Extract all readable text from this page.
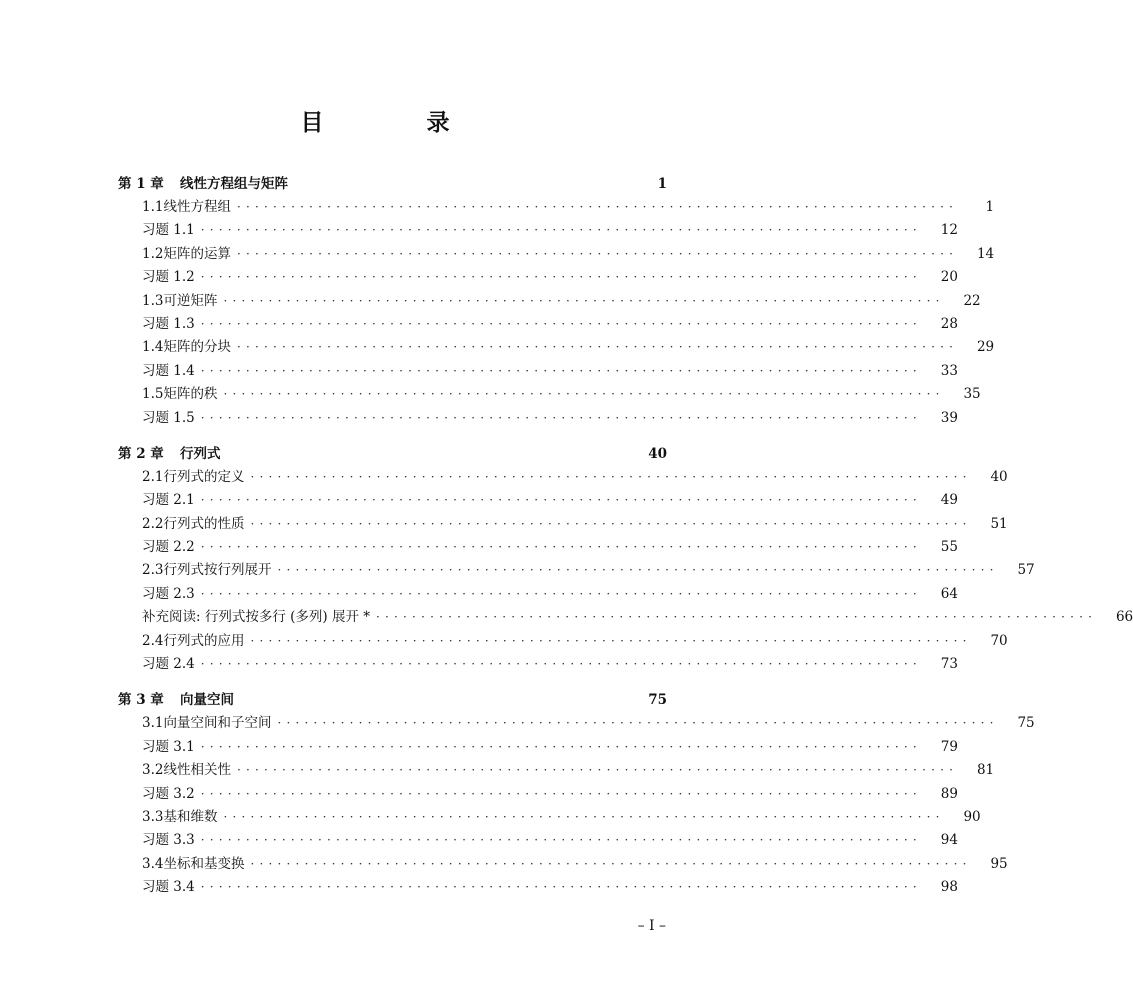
目　录
第 1 章	线性方程组与矩阵	1
1.1 线性方程组 ················································································	1
习题 1.1 ················································································	12
1.2 矩阵的运算 ················································································	14
习题 1.2 ················································································	20
1.3 可逆矩阵 ················································································	22
习题 1.3 ················································································	28
1.4 矩阵的分块 ················································································	29
习题 1.4 ················································································	33
1.5 矩阵的秩 ················································································	35
习题 1.5 ················································································	39
第 2 章	行列式	40
2.1 行列式的定义 ················································································	40
习题 2.1 ················································································	49
2.2 行列式的性质 ················································································	51
习题 2.2 ················································································	55
2.3 行列式按行列展开 ················································································	57
习题 2.3 ················································································	64
补充阅读: 行列式按多行 (多列) 展开 * ················································································	66
2.4 行列式的应用 ················································································	70
习题 2.4 ················································································	73
第 3 章	向量空间	75
3.1 向量空间和子空间 ················································································	75
习题 3.1 ················································································	79
3.2 线性相关性 ················································································	81
习题 3.2 ················································································	89
3.3 基和维数 ················································································	90
习题 3.3 ················································································	94
3.4 坐标和基变换 ················································································	95
习题 3.4 ················································································	98
– I –
